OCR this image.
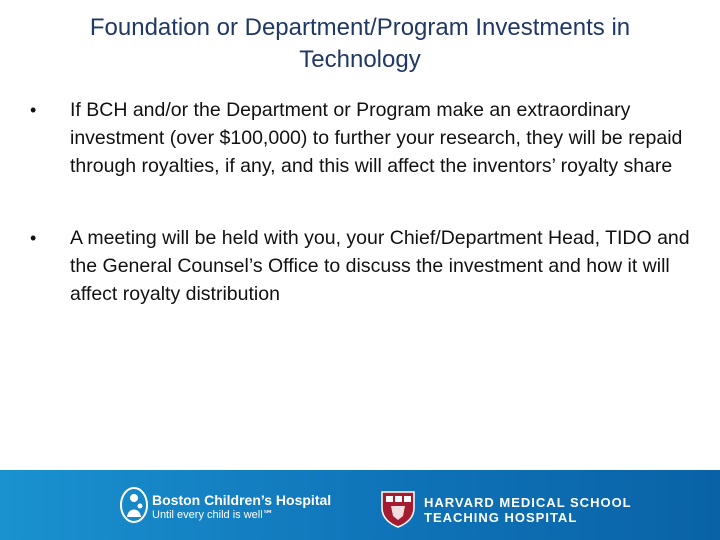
Foundation or Department/Program Investments in
Technology
• If BCH and/or the Department or Program make an extraordinary investment (over $100,000) to further your research, they will be repaid through royalties, if any, and this will affect the inventors’ royalty share
• A meeting will be held with you, your Chief/Department Head, TIDO and the General Counsel’s Office to discuss the investment and how it will affect royalty distribution
Boston Children’s Hospital
Until every child is well℠
HARVARD MEDICAL SCHOOL
TEACHING HOSPITAL
